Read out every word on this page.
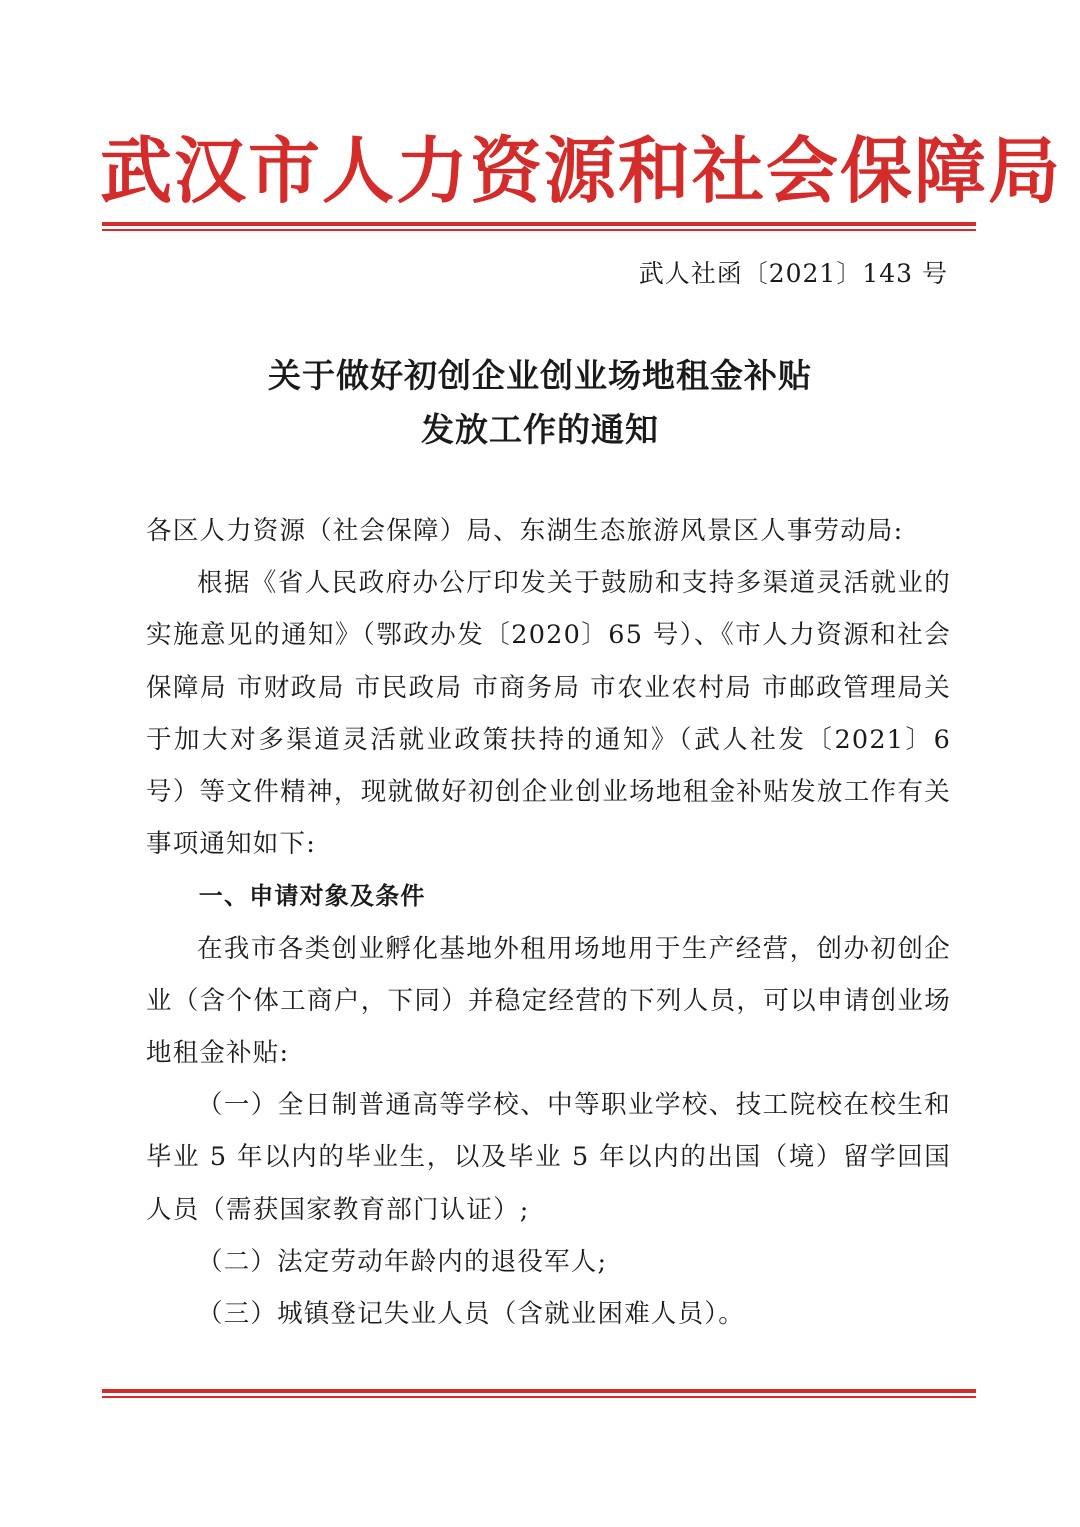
武汉市人力资源和社会保障局
武人社函〔2021〕143 号
关于做好初创企业创业场地租金补贴
发放工作的通知

各区人力资源（社会保障）局、东湖生态旅游风景区人事劳动局:

根据《省人民政府办公厅印发关于鼓励和支持多渠道灵活就业的实施意见的通知》（鄂政办发〔2020〕65 号）、《市人力资源和社会保障局 市财政局 市民政局 市商务局 市农业农村局 市邮政管理局关于加大对多渠道灵活就业政策扶持的通知》（武人社发〔2021〕6 号）等文件精神，现就做好初创企业创业场地租金补贴发放工作有关事项通知如下:

一、申请对象及条件

在我市各类创业孵化基地外租用场地用于生产经营，创办初创企业（含个体工商户，下同）并稳定经营的下列人员，可以申请创业场地租金补贴:

（一）全日制普通高等学校、中等职业学校、技工院校在校生和毕业 5 年以内的毕业生，以及毕业 5 年以内的出国（境）留学回国人员（需获国家教育部门认证）;

（二）法定劳动年龄内的退役军人;

（三）城镇登记失业人员（含就业困难人员）。
